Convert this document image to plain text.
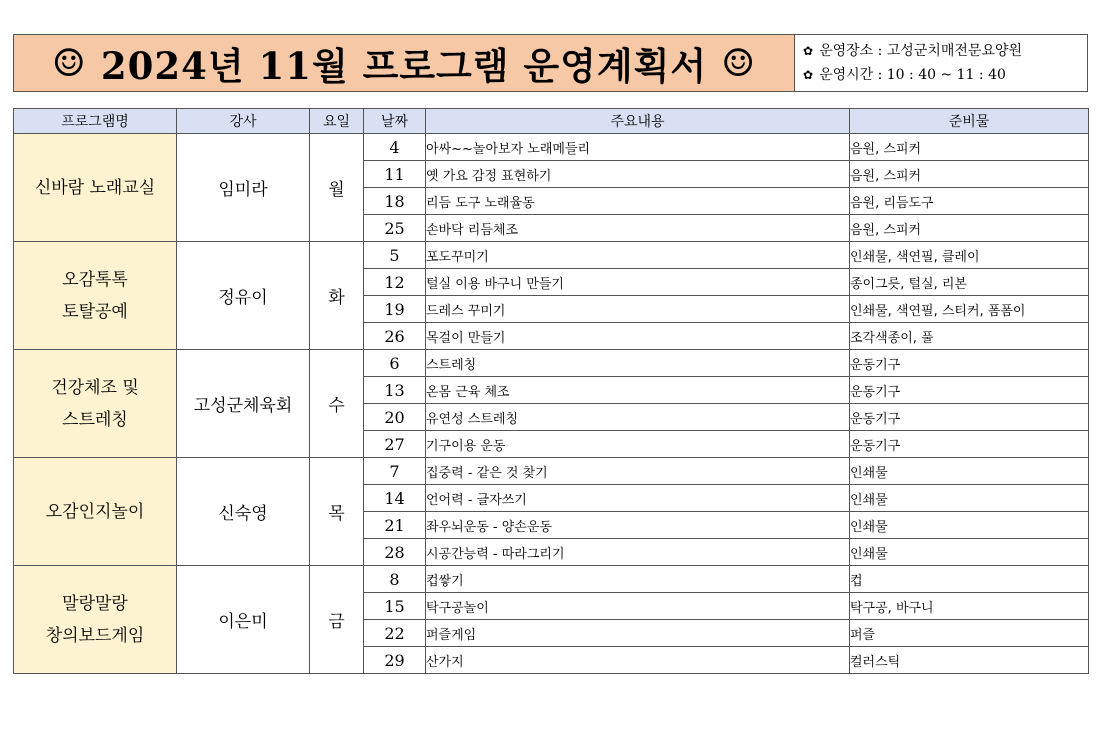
☺ 2024년 11월 프로그램 운영계획서 ☺	✿ 운영장소 : 고성군치매전문요양원
✿ 운영시간 : 10 : 40 ~ 11 : 40
프로그램명	강사	요일	날짜	주요내용	준비물

신바람 노래교실	임미라	월	4	아싸~~놀아보자 노래메들리	음원, 스피커
			11	옛 가요 감정 표현하기	음원, 스피커
			18	리듬 도구 노래율동	음원, 리듬도구
			25	손바닥 리듬체조	음원, 스피커

오감톡톡
토탈공예	정유이	화	5	포도꾸미기	인쇄물, 색연필, 클레이
			12	털실 이용 바구니 만들기	종이그릇, 털실, 리본
			19	드레스 꾸미기	인쇄물, 색연필, 스티커, 폼폼이
			26	목걸이 만들기	조각색종이, 풀

건강체조 및
스트레칭	고성군체육회	수	6	스트레칭	운동기구
			13	온몸 근육 체조	운동기구
			20	유연성 스트레칭	운동기구
			27	기구이용 운동	운동기구

오감인지놀이	신숙영	목	7	집중력 - 같은 것 찾기	인쇄물
			14	언어력 - 글자쓰기	인쇄물
			21	좌우뇌운동 - 양손운동	인쇄물
			28	시공간능력 - 따라그리기	인쇄물

말랑말랑
창의보드게임	이은미	금	8	컵쌓기	컵
			15	탁구공놀이	탁구공, 바구니
			22	퍼즐게임	퍼즐
			29	산가지	컬러스틱
